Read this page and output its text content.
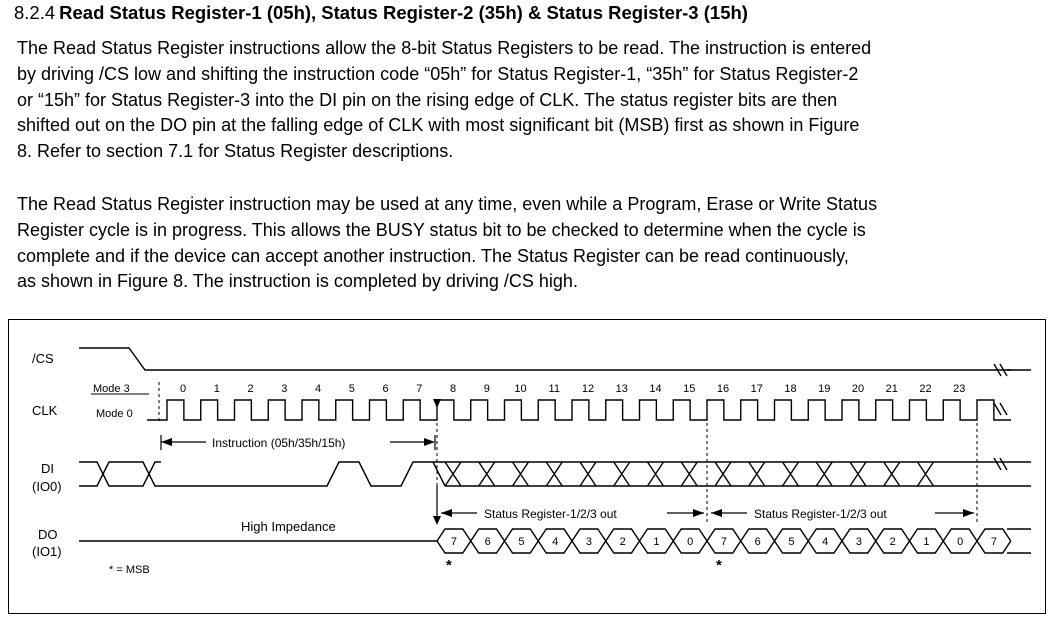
8.2.4 Read Status Register-1 (05h), Status Register-2 (35h) & Status Register-3 (15h)
The Read Status Register instructions allow the 8-bit Status Registers to be read. The instruction is entered
by driving /CS low and shifting the instruction code “05h” for Status Register-1, “35h” for Status Register-2
or “15h” for Status Register-3 into the DI pin on the rising edge of CLK. The status register bits are then
shifted out on the DO pin at the falling edge of CLK with most significant bit (MSB) first as shown in Figure
8. Refer to section 7.1 for Status Register descriptions.
The Read Status Register instruction may be used at any time, even while a Program, Erase or Write Status
Register cycle is in progress. This allows the BUSY status bit to be checked to determine when the cycle is
complete and if the device can accept another instruction. The Status Register can be read continuously,
as shown in Figure 8. The instruction is completed by driving /CS high.
/CS
CLK
DI
(IO0)
DO
(IO1)
Mode 3
Mode 0
0	1	2	3	4	5	6	7	8	9 10 11 12 13 14 15 16 17 18 19 20 21 22 23
Instruction (05h/35h/15h)
High Impedance
Status Register-1/2/3 out	Status Register-1/2/3 out
7	6	5	4	3	2	1	0	7	6	5	4	3	2	1	0	7
*	*
* = MSB
